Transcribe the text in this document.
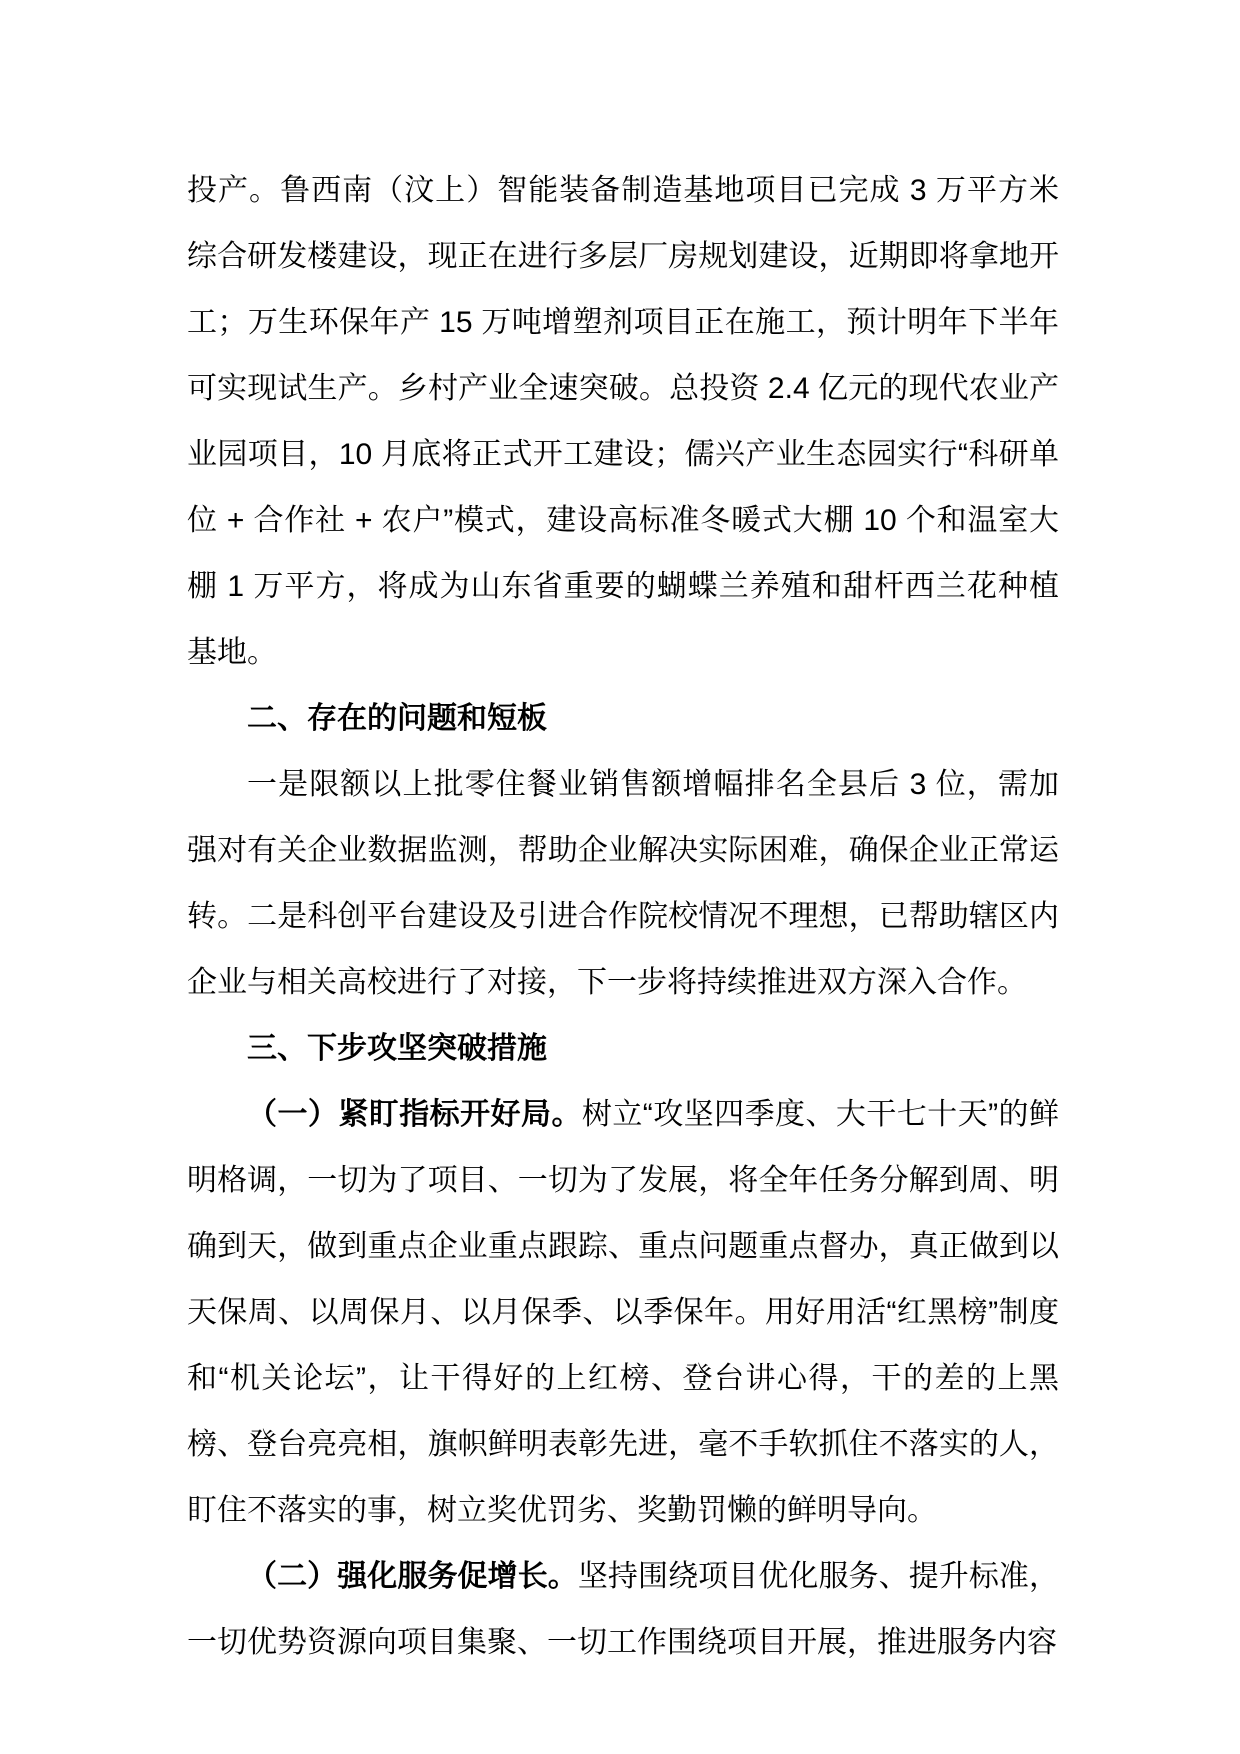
投产。鲁西南（汶上）智能装备制造基地项目已完成 3 万平方米综合研发楼建设，现正在进行多层厂房规划建设，近期即将拿地开工；万生环保年产 15 万吨增塑剂项目正在施工，预计明年下半年可实现试生产。乡村产业全速突破。总投资 2.4 亿元的现代农业产业园项目，10 月底将正式开工建设；儒兴产业生态园实行“科研单位 + 合作社 + 农户”模式，建设高标准冬暖式大棚 10 个和温室大棚 1 万平方，将成为山东省重要的蝴蝶兰养殖和甜杆西兰花种植基地。

二、存在的问题和短板

一是限额以上批零住餐业销售额增幅排名全县后 3 位，需加强对有关企业数据监测，帮助企业解决实际困难，确保企业正常运转。二是科创平台建设及引进合作院校情况不理想，已帮助辖区内企业与相关高校进行了对接，下一步将持续推进双方深入合作。

三、下步攻坚突破措施

（一）紧盯指标开好局。树立“攻坚四季度、大干七十天”的鲜明格调，一切为了项目、一切为了发展，将全年任务分解到周、明确到天，做到重点企业重点跟踪、重点问题重点督办，真正做到以天保周、以周保月、以月保季、以季保年。用好用活“红黑榜”制度和“机关论坛”，让干得好的上红榜、登台讲心得，干的差的上黑榜、登台亮亮相，旗帜鲜明表彰先进，毫不手软抓住不落实的人，盯住不落实的事，树立奖优罚劣、奖勤罚懒的鲜明导向。

（二）强化服务促增长。坚持围绕项目优化服务、提升标准，一切优势资源向项目集聚、一切工作围绕项目开展，推进服务内容
